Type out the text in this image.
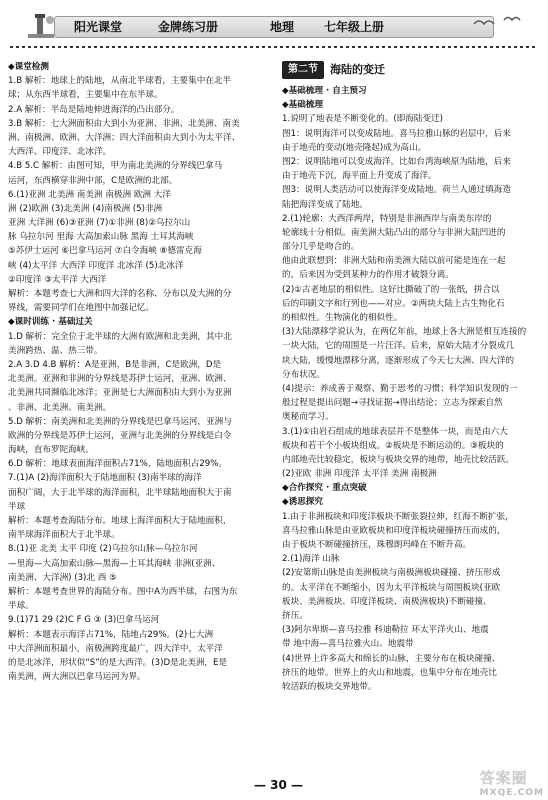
阳光课堂	金牌练习册	地理 七年级上册
◆课堂检测
1.B 解析：地球上的陆地，从南北半球看，主要集中在北半
球；从东西半球看，主要集中在东半球。
2.A 解析：半岛是陆地伸进海洋的凸出部分。
3.B 解析：七大洲面积由大到小为亚洲、非洲、北美洲、南美
洲、南极洲、欧洲、大洋洲；四大洋面积由大到小为太平洋、
大西洋、印度洋、北冰洋。
4.B 5.C 解析：由图可知，甲为南北美洲的分界线巴拿马
运河，东西横穿非洲中部，C是欧洲的北部。
6.(1)亚洲 北美洲 南美洲 南极洲 欧洲 大洋
洲 (2)欧洲 (3)北美洲 (4)南极洲 (5)非洲
亚洲 大洋洲 (6)③亚洲 (7)①非洲 (8)②乌拉尔山
脉 乌拉尔河 里海 大高加索山脉 黑海 土耳其海峡
⑤苏伊士运河 ⑥巴拿马运河 ⑦白令海峡 ⑧德雷克海
峡 (4)太平洋 大西洋 印度洋 北冰洋 (5)北冰洋
②印度洋 ③太平洋 大西洋
解析：本题考查七大洲和四大洋的名称、分布以及大洲的分
界线，需要同学们在地图中加强记忆。
◆课时训练 · 基础过关
1.D 解析：完全位于北半球的大洲有欧洲和北美洲，其中北
美洲跨热、温、热三带。
2.A 3.D 4.B 解析：A是亚洲，B是非洲，C是欧洲，D是
北美洲。亚洲和非洲的分界线是苏伊士运河，亚洲、欧洲、
北美洲共同濒临北冰洋；亚洲是七大洲面积由大到小为亚洲
、非洲、北美洲、南美洲。
5.D 解析：南美洲和北美洲的分界线是巴拿马运河，亚洲与
欧洲的分界线是苏伊士运河，亚洲与北美洲的分界线是白令
海峡，直布罗陀海峡。
6.D 解析：地球表面海洋面积占71%，陆地面积占29%。
7.(1)A (2)海洋面积大于陆地面积 (3)南半球的海洋
面积广阔，大于北半球的海洋面积，北半球陆地面积大于南
半球
解析：本题考查海陆分布。地球上海洋面积大于陆地面积，
南半球海洋面积大于北半球。
8.(1)亚 北美 太平 印度 (2)乌拉尔山脉—乌拉尔河
—里海—大高加索山脉—黑海—土耳其海峡 非洲(亚洲、
南美洲、大洋洲) (3)北 西 ⑤
解析：本题考查世界的海陆分布。图中A为西半球，右图为东
半球。
9.(1)71 29 (2)C F G ③ (3)巴拿马运河
解析：本题表示海洋占71%，陆地占29%。(2)七大洲
中大洋洲面积最小，南极洲跨度最广，四大洋中，太平洋
的是北冰洋，形状似“S”的是大西洋。(3)D是北美洲，E是
南美洲，两大洲以巴拿马运河为界。
第二节	海陆的变迁
◆基础梳理 · 自主预习
◆基础梳理
1.说明了地表是不断变化的。(即海陆变迁)
图1：说明海洋可以变成陆地。喜马拉雅山脉的岩层中，后来
由于地壳的变动(地壳隆起)成为高山。
图2：说明陆地可以变成海洋。比如台湾海峡原为陆地，后来
由于地壳下沉，海平面上升变成了海洋。
图3：说明人类活动可以使海洋变成陆地。荷兰人通过填海造
陆把海洋变成了陆地。
2.(1)轮廓：大西洋两岸，特别是非洲西岸与南美东岸的
轮廓线十分相似。南美洲大陆凸出的部分与非洲大陆凹进的
部分几乎是吻合的。
他由此联想到：非洲大陆和南美洲大陆以前可能是连在一起
的，后来因为受到某种力的作用才破裂分离。
(2)①古老地层的相似性。这好比撕破了的一张纸，拼合以
后的印刷文字和行列也——对应。②两块大陆上古生物化石
的相似性。生物演化的相似性。
(3)大陆漂移学说认为，在两亿年前，地球上各大洲是相互连接的
一块大陆，它的周围是一片汪洋。后来，原始大陆才分裂成几
块大陆，缓慢地漂移分离，逐渐形成了今天七大洲、四大洋的
分布状况。
(4)提示：养成善于观察、勤于思考的习惯；科学知识发现的一
般过程是提出问题→寻找证据→得出结论；立志为探索自然
奥秘而学习。
3.(1)①由岩石组成的地球表层并不是整体一块，而是由六大
板块和若干个小板块组成。②板块是不断运动的。③板块的
内部地壳比较稳定，板块与板块交界的地带，地壳比较活跃。
(2)亚欧 非洲 印度洋 太平洋 美洲 南极洲
◆合作探究 · 重点突破
◆诱思探究
1.由于非洲板块和印度洋板块不断张裂拉伸，红海不断扩张，
喜马拉雅山脉是由亚欧板块和印度洋板块碰撞挤压而成的，
由于板块不断碰撞挤压，珠穆朗玛峰在不断升高。
2.(1)海洋 山脉
(2)安第斯山脉是由美洲板块与南极洲板块碰撞、挤压形成
的。太平洋在不断缩小，因为太平洋板块与周围板块(亚欧
板块、美洲板块、印度洋板块、南极洲板块)不断碰撞、
挤压。
(3)阿尔卑斯—喜马拉雅 科迪勒拉 环太平洋火山、地震
带 地中海—喜马拉雅火山、地震带
(4)世界上许多高大和绵长的山脉，主要分布在板块碰撞、
挤压的地带。世界上的火山和地震，也集中分布在地壳比
较活跃的板块交界地带。
— 30 —	答案圈
MXQE.COM
